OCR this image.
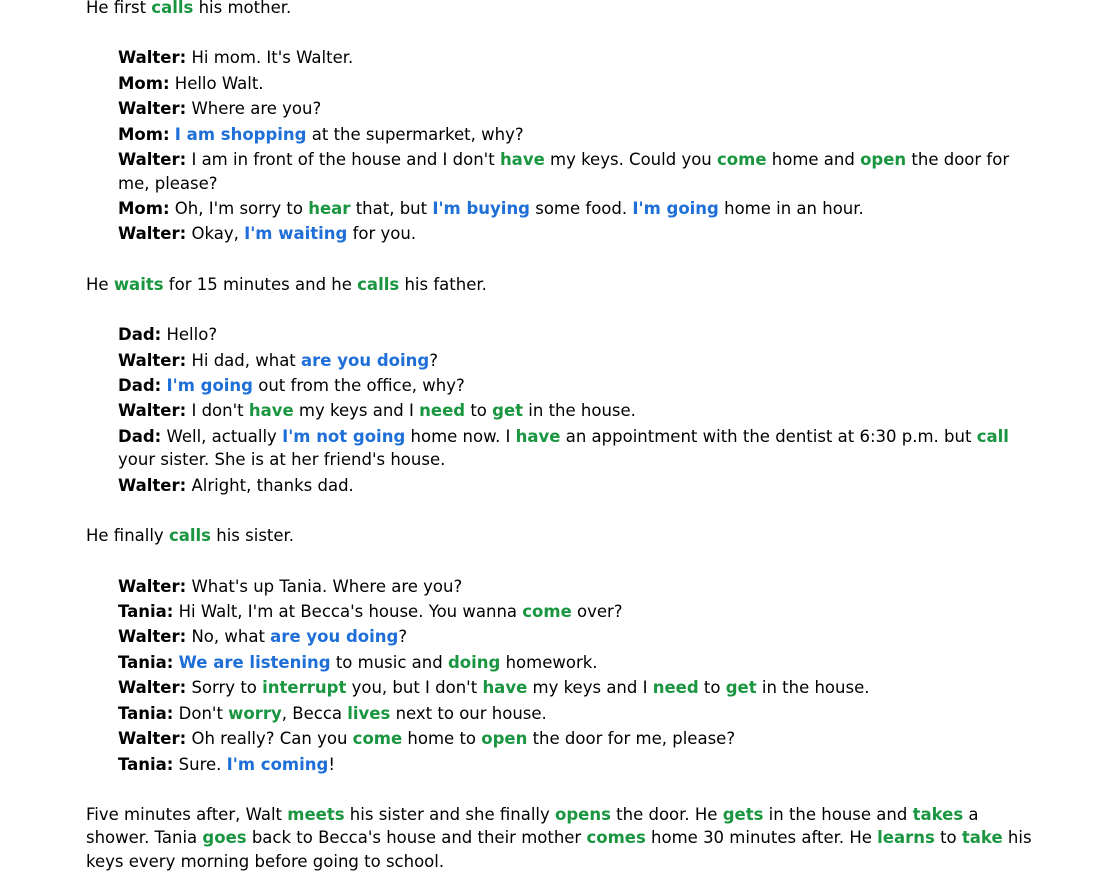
He first calls his mother.

Walter: Hi mom. It's Walter.
Mom: Hello Walt.
Walter: Where are you?
Mom: I am shopping at the supermarket, why?
Walter: I am in front of the house and I don't have my keys. Could you come home and open the door for me, please?
Mom: Oh, I'm sorry to hear that, but I'm buying some food. I'm going home in an hour.
Walter: Okay, I'm waiting for you.

He waits for 15 minutes and he calls his father.

Dad: Hello?
Walter: Hi dad, what are you doing?
Dad: I'm going out from the office, why?
Walter: I don't have my keys and I need to get in the house.
Dad: Well, actually I'm not going home now. I have an appointment with the dentist at 6:30 p.m. but call your sister. She is at her friend's house.
Walter: Alright, thanks dad.

He finally calls his sister.

Walter: What's up Tania. Where are you?
Tania: Hi Walt, I'm at Becca's house. You wanna come over?
Walter: No, what are you doing?
Tania: We are listening to music and doing homework.
Walter: Sorry to interrupt you, but I don't have my keys and I need to get in the house.
Tania: Don't worry, Becca lives next to our house.
Walter: Oh really? Can you come home to open the door for me, please?
Tania: Sure. I'm coming!

Five minutes after, Walt meets his sister and she finally opens the door. He gets in the house and takes a shower. Tania goes back to Becca's house and their mother comes home 30 minutes after. He learns to take his keys every morning before going to school.
